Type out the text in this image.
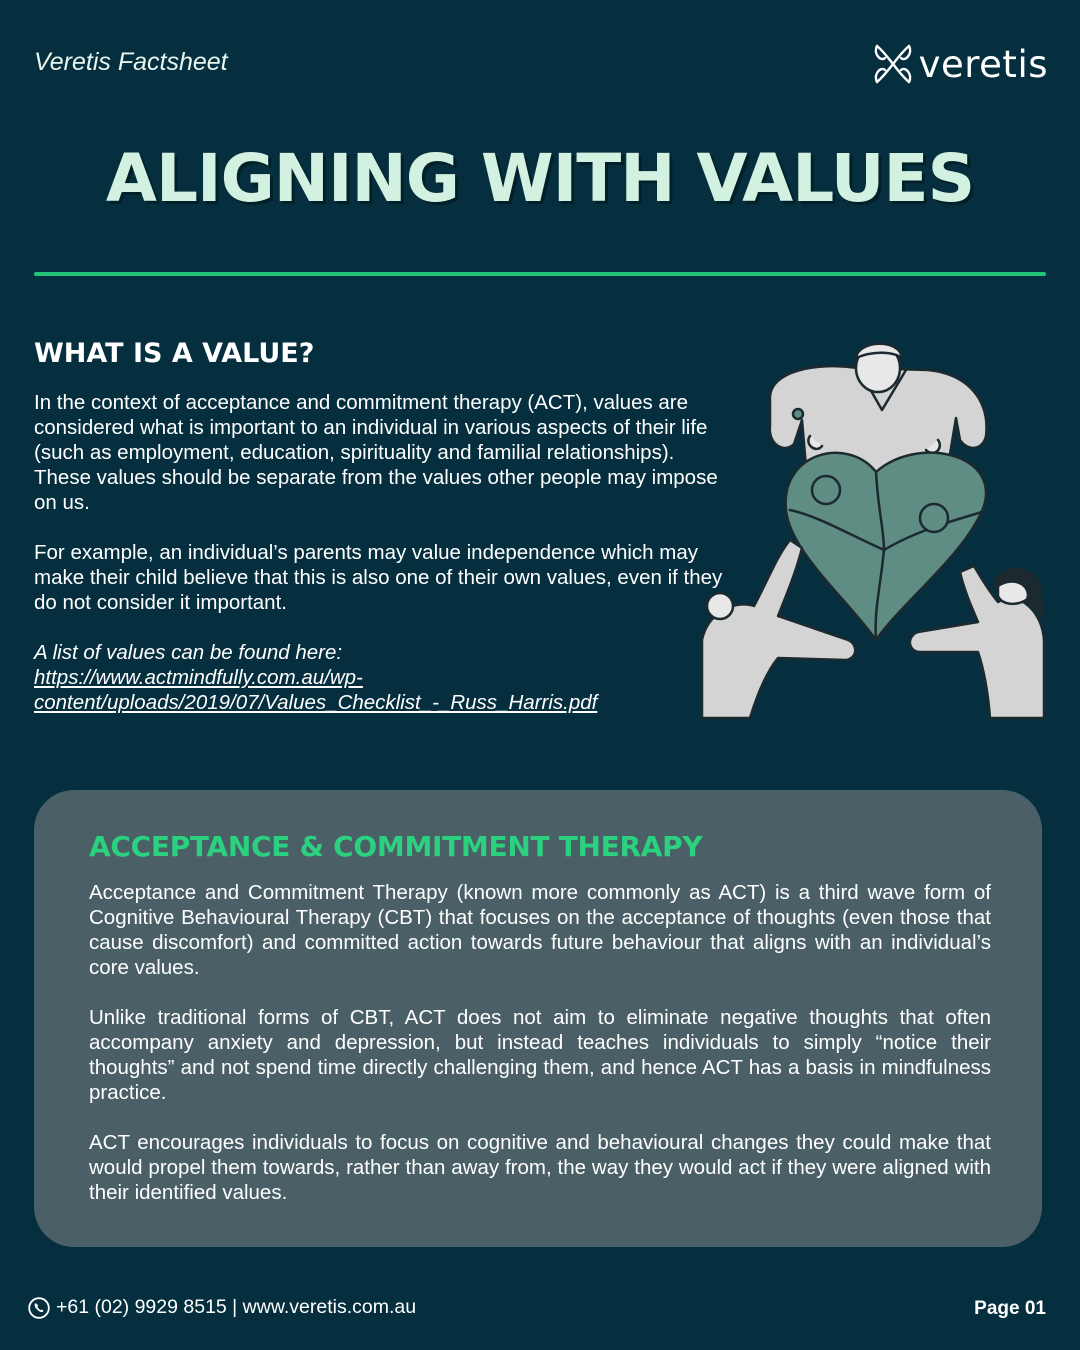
Veretis Factsheet	veretis
ALIGNING WITH VALUES
WHAT IS A VALUE?

In the context of acceptance and commitment therapy (ACT), values are considered what is important to an individual in various aspects of their life (such as employment, education, spirituality and familial relationships). These values should be separate from the values other people may impose on us.

For example, an individual’s parents may value independence which may make their child believe that this is also one of their own values, even if they do not consider it important.

A list of values can be found here:

https://www.actmindfully.com.au/wp-
content/uploads/2019/07/Values_Checklist_-_Russ_Harris.pdf
ACCEPTANCE & COMMITMENT THERAPY

Acceptance and Commitment Therapy (known more commonly as ACT) is a third wave form of Cognitive Behavioural Therapy (CBT) that focuses on the acceptance of thoughts (even those that cause discomfort) and committed action towards future behaviour that aligns with an individual’s core values.

Unlike traditional forms of CBT, ACT does not aim to eliminate negative thoughts that often accompany anxiety and depression, but instead teaches individuals to simply “notice their thoughts” and not spend time directly challenging them, and hence ACT has a basis in mindfulness practice.

ACT encourages individuals to focus on cognitive and behavioural changes they could make that would propel them towards, rather than away from, the way they would act if they were aligned with their identified values.

+61 (02) 9929 8515 | www.veretis.com.au	Page 01
